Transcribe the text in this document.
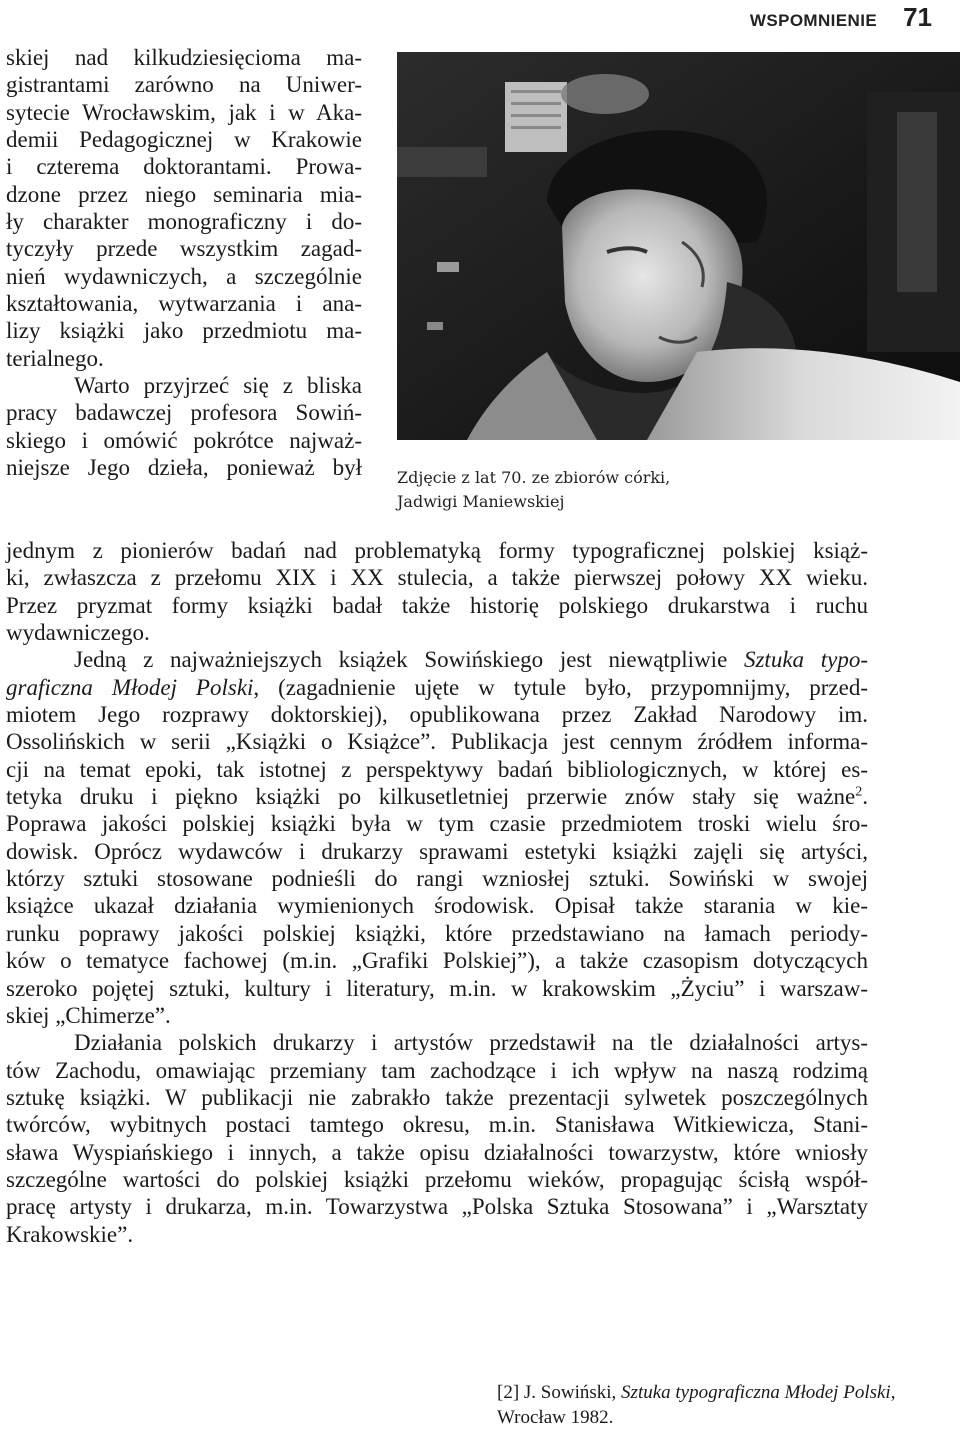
WSPOMNIENIE 71
Zdjęcie z lat 70. ze zbiorów córki,
Jadwigi Maniewskiej
skiej nad kilkudziesięcioma ma-
gistrantami zarówno na Uniwer-
sytecie Wrocławskim, jak i w Aka-
demii Pedagogicznej w Krakowie
i czterema doktorantami. Prowa-
dzone przez niego seminaria mia-
ły charakter monograficzny i do-
tyczyły przede wszystkim zagad-
nień wydawniczych, a szczególnie
kształtowania, wytwarzania i ana-
lizy książki jako przedmiotu ma-
terialnego.
Warto przyjrzeć się z bliska
pracy badawczej profesora Sowiń-
skiego i omówić pokrótce najważ-
niejsze Jego dzieła, ponieważ był
jednym z pionierów badań nad problematyką formy typograficznej polskiej książ-
ki, zwłaszcza z przełomu XIX i XX stulecia, a także pierwszej połowy XX wieku.
Przez pryzmat formy książki badał także historię polskiego drukarstwa i ruchu
wydawniczego.
Jedną z najważniejszych książek Sowińskiego jest niewątpliwie Sztuka typo-
graficzna Młodej Polski, (zagadnienie ujęte w tytule było, przypomnijmy, przed-
miotem Jego rozprawy doktorskiej), opublikowana przez Zakład Narodowy im.
Ossolińskich w serii „Książki o Książce”. Publikacja jest cennym źródłem informa-
cji na temat epoki, tak istotnej z perspektywy badań bibliologicznych, w której es-
tetyka druku i piękno książki po kilkusetletniej przerwie znów stały się ważne$^2$.
Poprawa jakości polskiej książki była w tym czasie przedmiotem troski wielu śro-
dowisk. Oprócz wydawców i drukarzy sprawami estetyki książki zajęli się artyści,
którzy sztuki stosowane podnieśli do rangi wzniosłej sztuki. Sowiński w swojej
książce ukazał działania wymienionych środowisk. Opisał także starania w kie-
runku poprawy jakości polskiej książki, które przedstawiano na łamach periody-
ków o tematyce fachowej (m.in. „Grafiki Polskiej”), a także czasopism dotyczących
szeroko pojętej sztuki, kultury i literatury, m.in. w krakowskim „Życiu” i warszaw-
skiej „Chimerze”.
Działania polskich drukarzy i artystów przedstawił na tle działalności artys-
tów Zachodu, omawiając przemiany tam zachodzące i ich wpływ na naszą rodzimą
sztukę książki. W publikacji nie zabrakło także prezentacji sylwetek poszczególnych
twórców, wybitnych postaci tamtego okresu, m.in. Stanisława Witkiewicza, Stani-
sława Wyspiańskiego i innych, a także opisu działalności towarzystw, które wniosły
szczególne wartości do polskiej książki przełomu wieków, propagując ścisłą współ-
pracę artysty i drukarza, m.in. Towarzystwa „Polska Sztuka Stosowana” i „Warsztaty
Krakowskie”.
[2] J. Sowiński, Sztuka typograficzna Młodej Polski,
Wrocław 1982.
